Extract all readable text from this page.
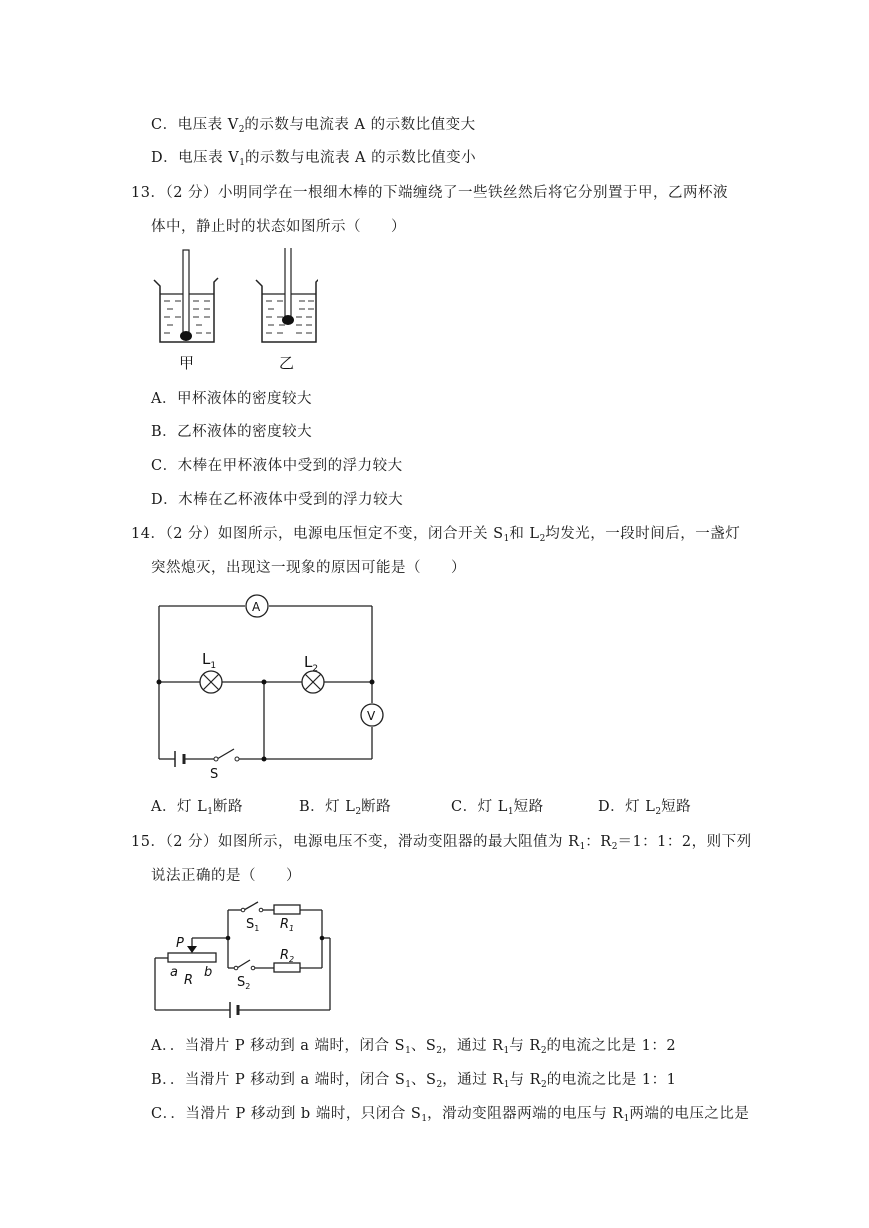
C．电压表 $V_2$的示数与电流表 A 的示数比值变大
D．电压表 $V_1$的示数与电流表 A 的示数比值变小
13．（2 分）小明同学在一根细木棒的下端缠绕了一些铁丝然后将它分别置于甲，乙两杯液
体中，静止时的状态如图所示（　　）
甲	乙
A．甲杯液体的密度较大
B．乙杯液体的密度较大
C．木棒在甲杯液体中受到的浮力较大
D．木棒在乙杯液体中受到的浮力较大
14．（2 分）如图所示，电源电压恒定不变，闭合开关 $S_1$和 $L_2$均发光，一段时间后，一盏灯
突然熄灭，出现这一现象的原因可能是（　　）
A
V
$L_1$	$L_2$
S
A．灯 $L_1$断路	B．灯 $L_2$断路	C．灯 $L_1$短路	D．灯 $L_2$短路
15．（2 分）如图所示，电源电压不变，滑动变阻器的最大阻值为 $R_1$：$R_2=1$：1：2，则下列
说法正确的是（　　）
P
a
R
b
$S_1$ $R_1$
$S_2$
$R_2$
A．．当滑片 P 移动到 a 端时，闭合 $S_1$、$S_2$，通过 $R_1$与 $R_2$的电流之比是 1：2
B．．当滑片 P 移动到 a 端时，闭合 $S_1$、$S_2$，通过 $R_1$与 $R_2$的电流之比是 1：1
C．．当滑片 P 移动到 b 端时，只闭合 $S_1$，滑动变阻器两端的电压与 $R_1$两端的电压之比是
